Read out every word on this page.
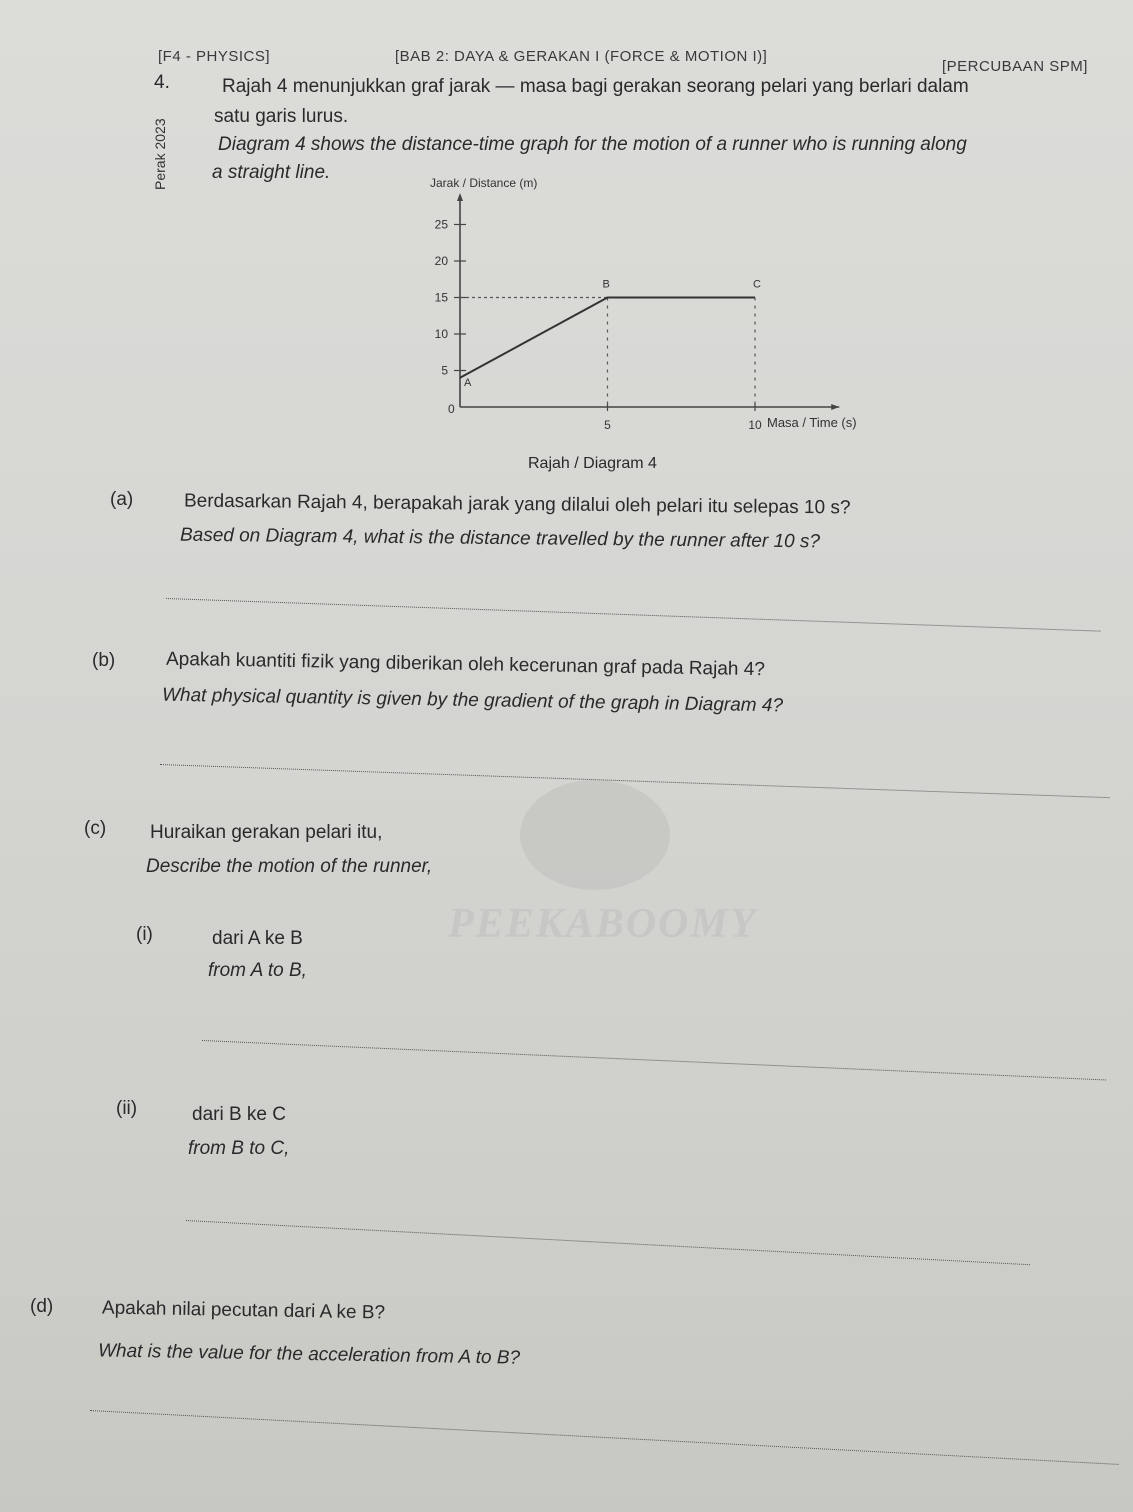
[F4 - PHYSICS]	[BAB 2: DAYA & GERAKAN I (FORCE & MOTION I)]
[PERCUBAAN SPM]
Perak 2023
4.	Rajah 4 menunjukkan graf jarak — masa bagi gerakan seorang pelari yang berlari dalam
satu garis lurus.
Diagram 4 shows the distance-time graph for the motion of a runner who is running along
a straight line.
5
10
15
20
25
5	10
A
B	C
Jarak / Distance (m)
Masa / Time (s)
0
Rajah / Diagram 4
(a)	Berdasarkan Rajah 4, berapakah jarak yang dilalui oleh pelari itu selepas 10 s?
Based on Diagram 4, what is the distance travelled by the runner after 10 s?
(b)	Apakah kuantiti fizik yang diberikan oleh kecerunan graf pada Rajah 4?
What physical quantity is given by the gradient of the graph in Diagram 4?
PEEKABOOMY
(c) Huraikan gerakan pelari itu,
Describe the motion of the runner,
(i)	dari A ke B
from A to B,
(ii)	dari B ke C
from B to C,
(d)	Apakah nilai pecutan dari A ke B?
What is the value for the acceleration from A to B?
